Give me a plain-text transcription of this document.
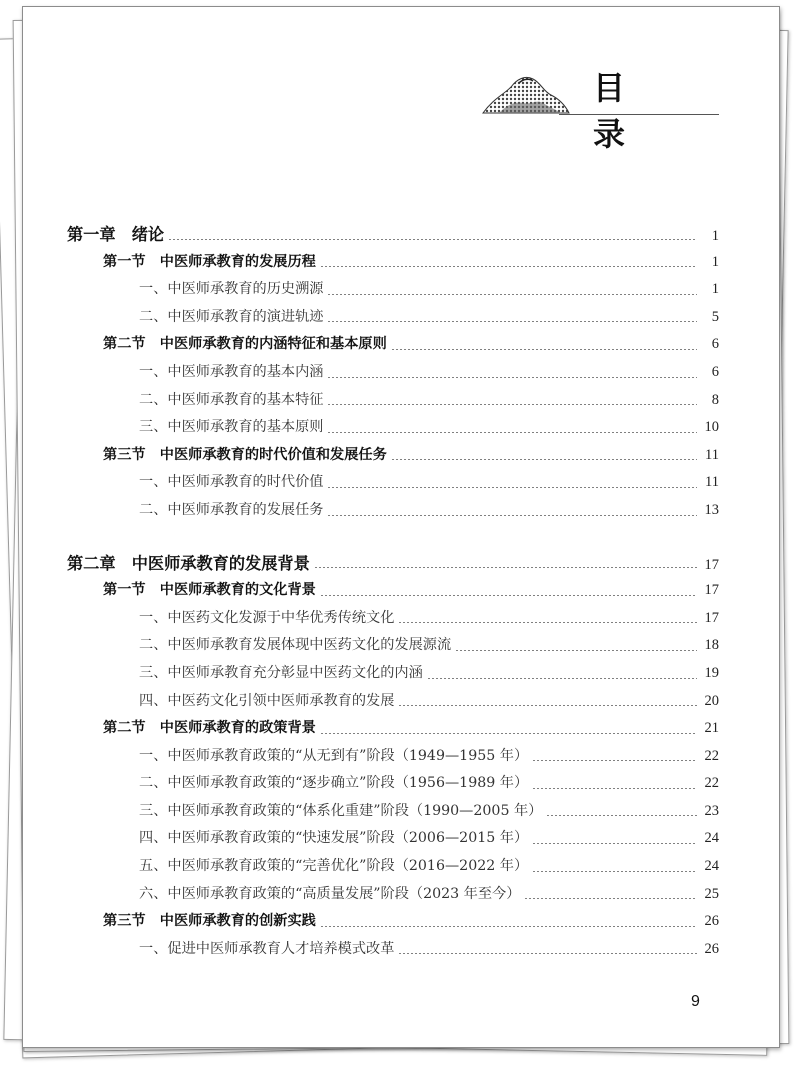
目 录
第一章　绪论	1
第一节　中医师承教育的发展历程	1
一、中医师承教育的历史溯源	1
二、中医师承教育的演进轨迹	5
第二节　中医师承教育的内涵特征和基本原则	6
一、中医师承教育的基本内涵	6
二、中医师承教育的基本特征	8
三、中医师承教育的基本原则	10
第三节　中医师承教育的时代价值和发展任务	11
一、中医师承教育的时代价值	11
二、中医师承教育的发展任务	13
第二章　中医师承教育的发展背景	17
第一节　中医师承教育的文化背景	17
一、中医药文化发源于中华优秀传统文化	17
二、中医师承教育发展体现中医药文化的发展源流	18
三、中医师承教育充分彰显中医药文化的内涵	19
四、中医药文化引领中医师承教育的发展	20
第二节　中医师承教育的政策背景	21
一、中医师承教育政策的“从无到有”阶段（1949—1955 年）	22
二、中医师承教育政策的“逐步确立”阶段（1956—1989 年）	22
三、中医师承教育政策的“体系化重建”阶段（1990—2005 年）	23
四、中医师承教育政策的“快速发展”阶段（2006—2015 年）	24
五、中医师承教育政策的“完善优化”阶段（2016—2022 年）	24
六、中医师承教育政策的“高质量发展”阶段（2023 年至今）	25
第三节　中医师承教育的创新实践	26
一、促进中医师承教育人才培养模式改革	26
9
